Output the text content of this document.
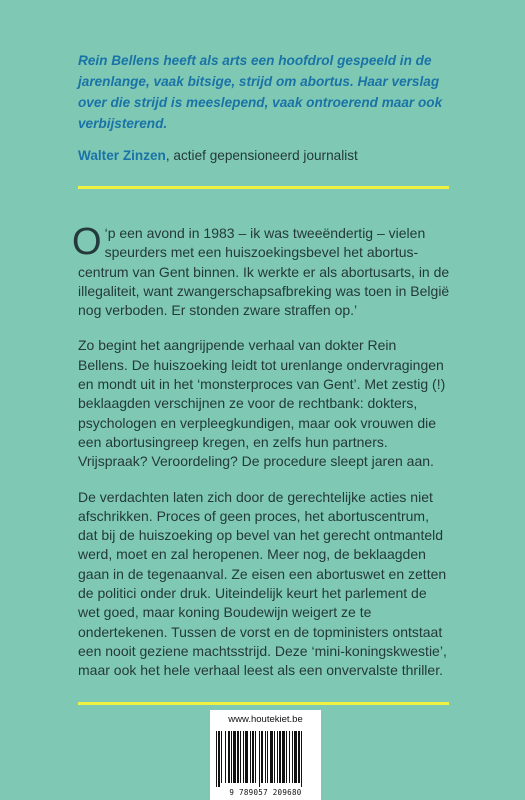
Rein Bellens heeft als arts een hoofdrol gespeeld in de jarenlange, vaak bitsige, strijd om abortus. Haar verslag over die strijd is meeslepend, vaak ontroerend maar ook verbijsterend.

Walter Zinzen, actief gepensioneerd journalist

‘
O p een avond in 1983 – ik was tweeëndertig – vielen speurders met een huiszoekingsbevel het abortuscentrum van Gent binnen. Ik werkte er als abortusarts, in de illegaliteit, want zwangerschapsafbreking was toen in België nog verboden. Er stonden zware straffen op.’

Zo begint het aangrijpende verhaal van dokter Rein Bellens. De huiszoeking leidt tot urenlange ondervragingen en mondt uit in het ‘monsterproces van Gent’. Met zestig (!) beklaagden verschijnen ze voor de rechtbank: dokters, psychologen en verpleegkundigen, maar ook vrouwen die een abortusingreep kregen, en zelfs hun partners. Vrijspraak? Veroordeling? De procedure sleept jaren aan.

De verdachten laten zich door de gerechtelijke acties niet afschrikken. Proces of geen proces, het abortuscentrum, dat bij de huiszoeking op bevel van het gerecht ontmanteld werd, moet en zal heropenen. Meer nog, de beklaagden gaan in de tegenaanval. Ze eisen een abortuswet en zetten de politici onder druk. Uiteindelijk keurt het parlement de wet goed, maar koning Boudewijn weigert ze te ondertekenen. Tussen de vorst en de topministers ontstaat een nooit geziene machtsstrijd. Deze ‘mini-koningskwestie’, maar ook het hele verhaal leest als een onvervalste thriller.

www.houtekiet.be
9 789057 209680
